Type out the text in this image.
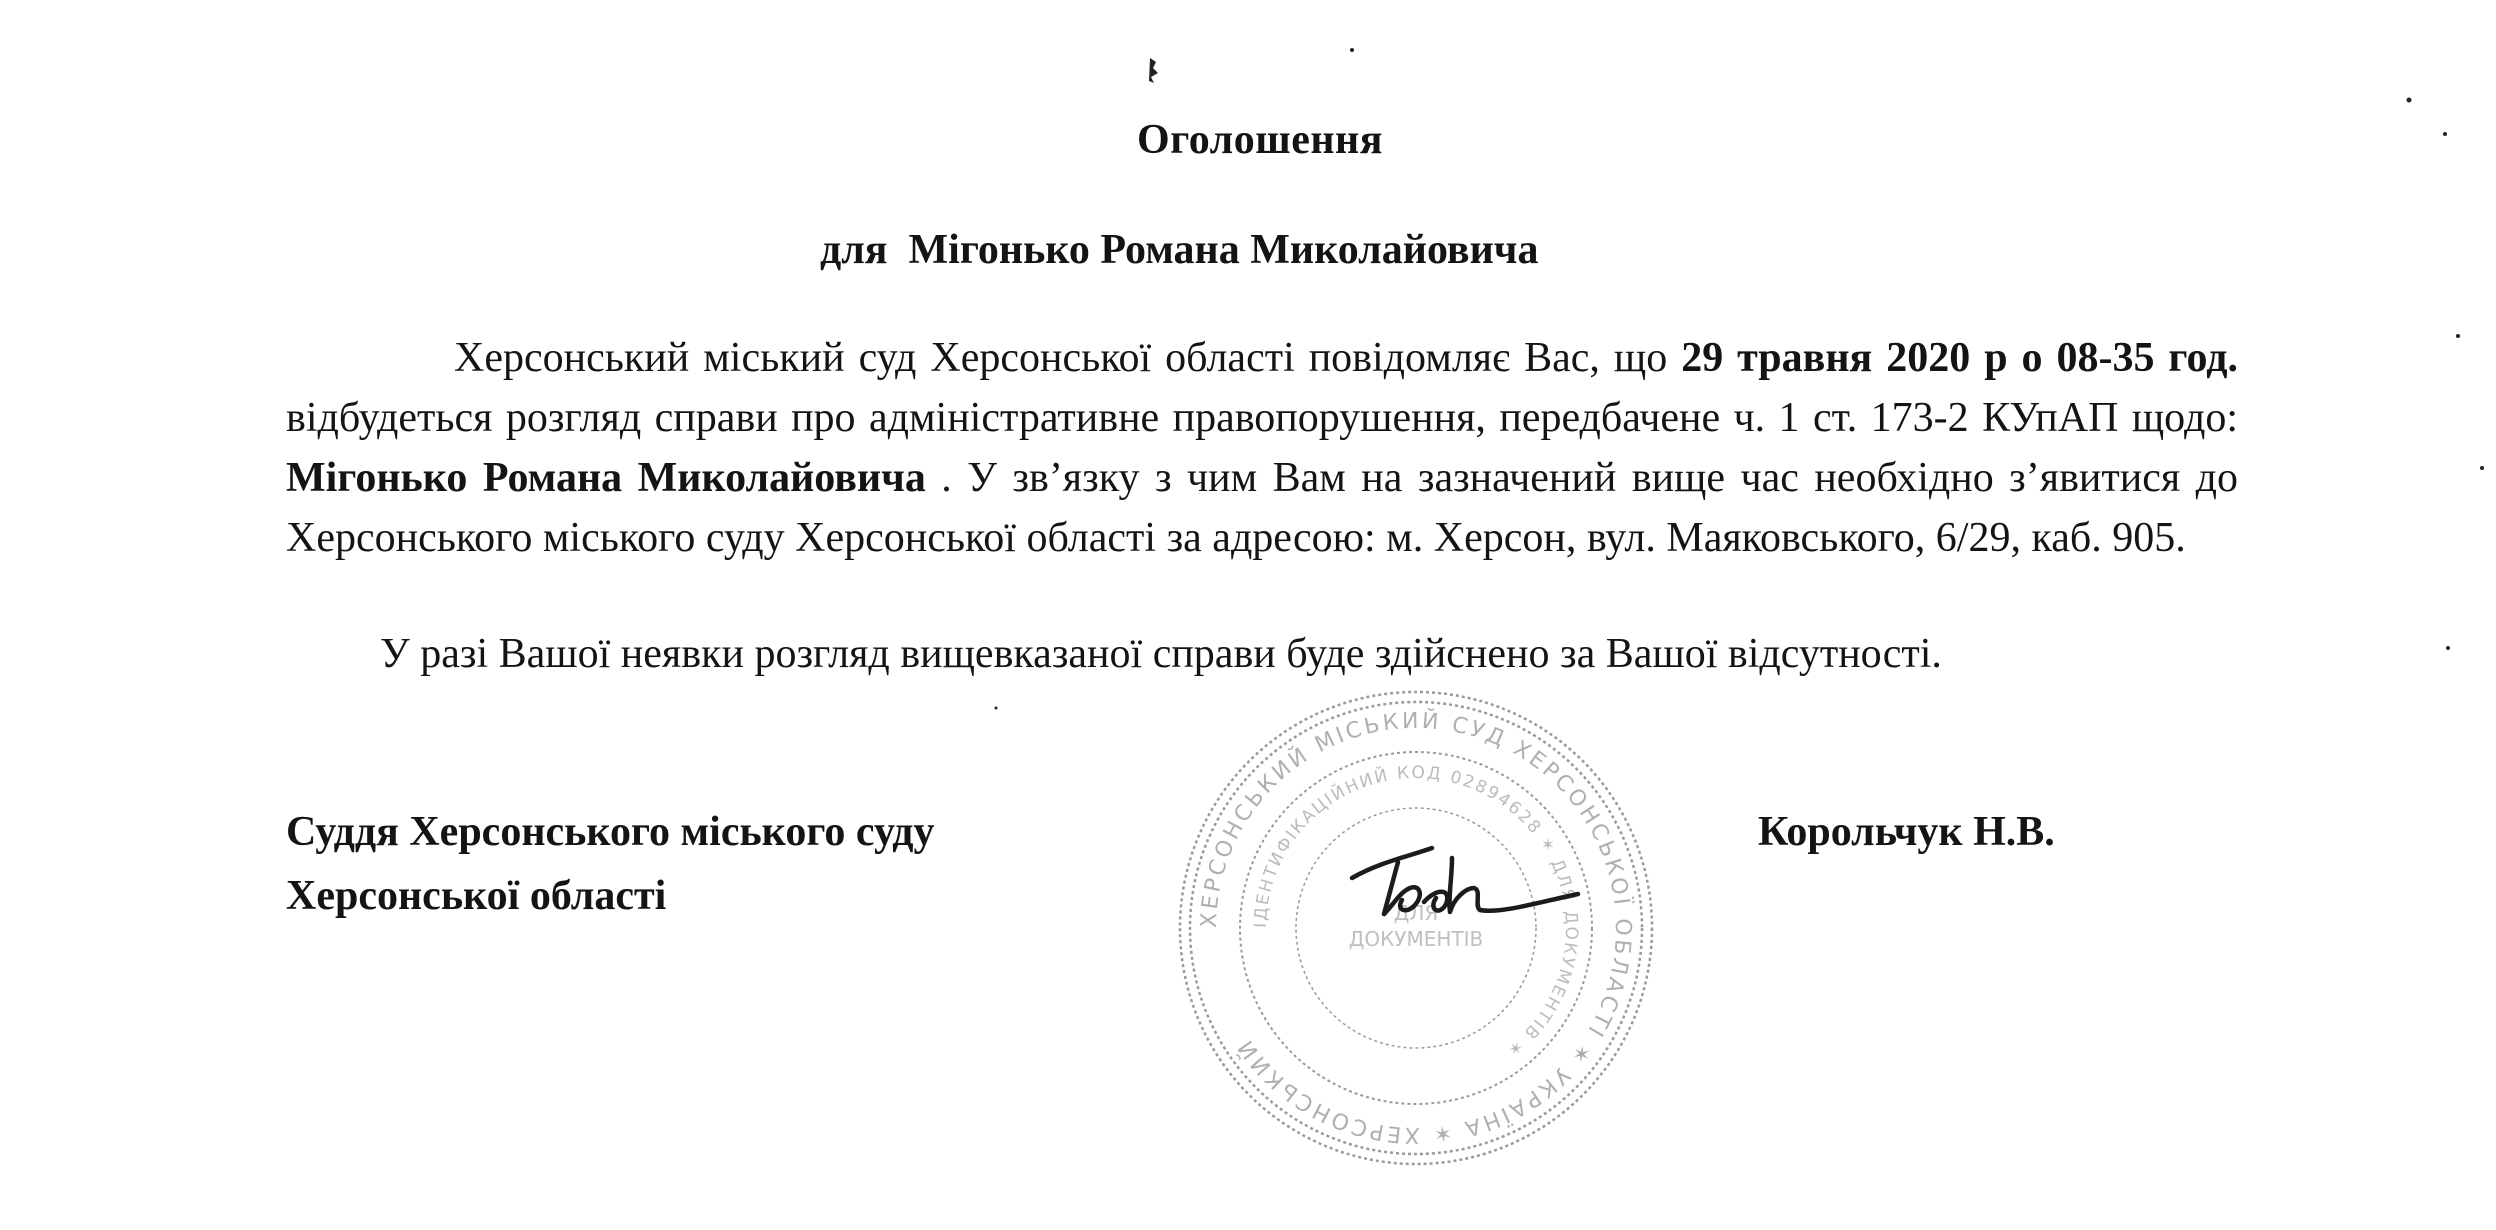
ХЕРСОНСЬКИЙ МІСЬКИЙ СУД ХЕРСОНСЬКОЇ ОБЛАСТІ ✶ УКРАЇНА ✶ ХЕРСОНСЬКИЙ
ІДЕНТИФІКАЦІЙНИЙ КОД 02894628 ✶ ДЛЯ ДОКУМЕНТІВ ✶
ДЛЯ
ДОКУМЕНТІВ
Оголошення
для  Мігонько Романа Миколайовича
Херсонський міський суд Херсонської області повідомляє Вас, що 29 травня 2020 р о 08-35 год. відбудеться розгляд справи про адміністративне правопорушення, передбачене ч. 1 ст. 173-2 КУпАП щодо: Мігонько Романа Миколайовича . У зв’язку з чим Вам на зазначений вище час необхідно з’явитися до Херсонського міського суду Херсонської області за адресою: м. Херсон, вул. Маяковського, 6/29, каб. 905.
У разі Вашої неявки розгляд вищевказаної справи буде здійснено за Вашої відсутності.
Суддя Херсонського міського суду
Херсонської області
Корольчук Н.В.
